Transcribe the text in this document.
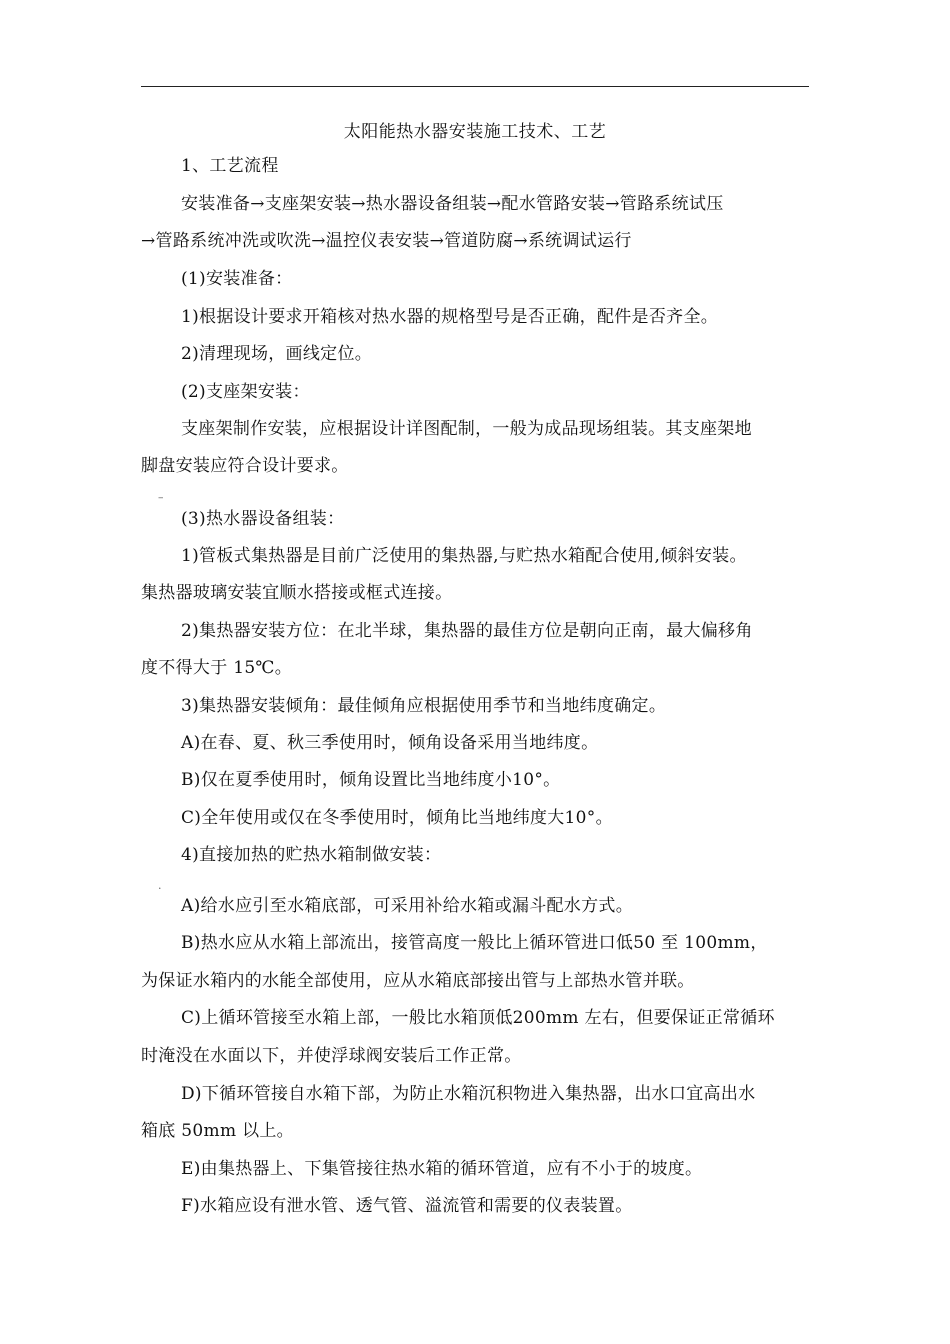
太阳能热水器安装施工技术、工艺
1、工艺流程
安装准备→支座架安装→热水器设备组装→配水管路安装→管路系统试压
→管路系统冲洗或吹洗→温控仪表安装→管道防腐→系统调试运行
(1)安装准备：
1)根据设计要求开箱核对热水器的规格型号是否正确，配件是否齐全。
2)清理现场，画线定位。
(2)支座架安装：
支座架制作安装，应根据设计详图配制，一般为成品现场组装。其支座架地
脚盘安装应符合设计要求。
–
(3)热水器设备组装：
1)管板式集热器是目前广泛使用的集热器,与贮热水箱配合使用,倾斜安装。
集热器玻璃安装宜顺水搭接或框式连接。
2)集热器安装方位：在北半球，集热器的最佳方位是朝向正南，最大偏移角
度不得大于 15℃。
3)集热器安装倾角：最佳倾角应根据使用季节和当地纬度确定。
A)在春、夏、秋三季使用时，倾角设备采用当地纬度。
B)仅在夏季使用时，倾角设置比当地纬度小10°。
C)全年使用或仅在冬季使用时，倾角比当地纬度大10°。
4)直接加热的贮热水箱制做安装：
.
A)给水应引至水箱底部，可采用补给水箱或漏斗配水方式。
B)热水应从水箱上部流出，接管高度一般比上循环管进口低50 至 100mm，
为保证水箱内的水能全部使用，应从水箱底部接出管与上部热水管并联。
C)上循环管接至水箱上部，一般比水箱顶低200mm 左右，但要保证正常循环
时淹没在水面以下，并使浮球阀安装后工作正常。
D)下循环管接自水箱下部，为防止水箱沉积物进入集热器，出水口宜高出水
箱底 50mm 以上。
E)由集热器上、下集管接往热水箱的循环管道，应有不小于的坡度。
F)水箱应设有泄水管、透气管、溢流管和需要的仪表装置。
